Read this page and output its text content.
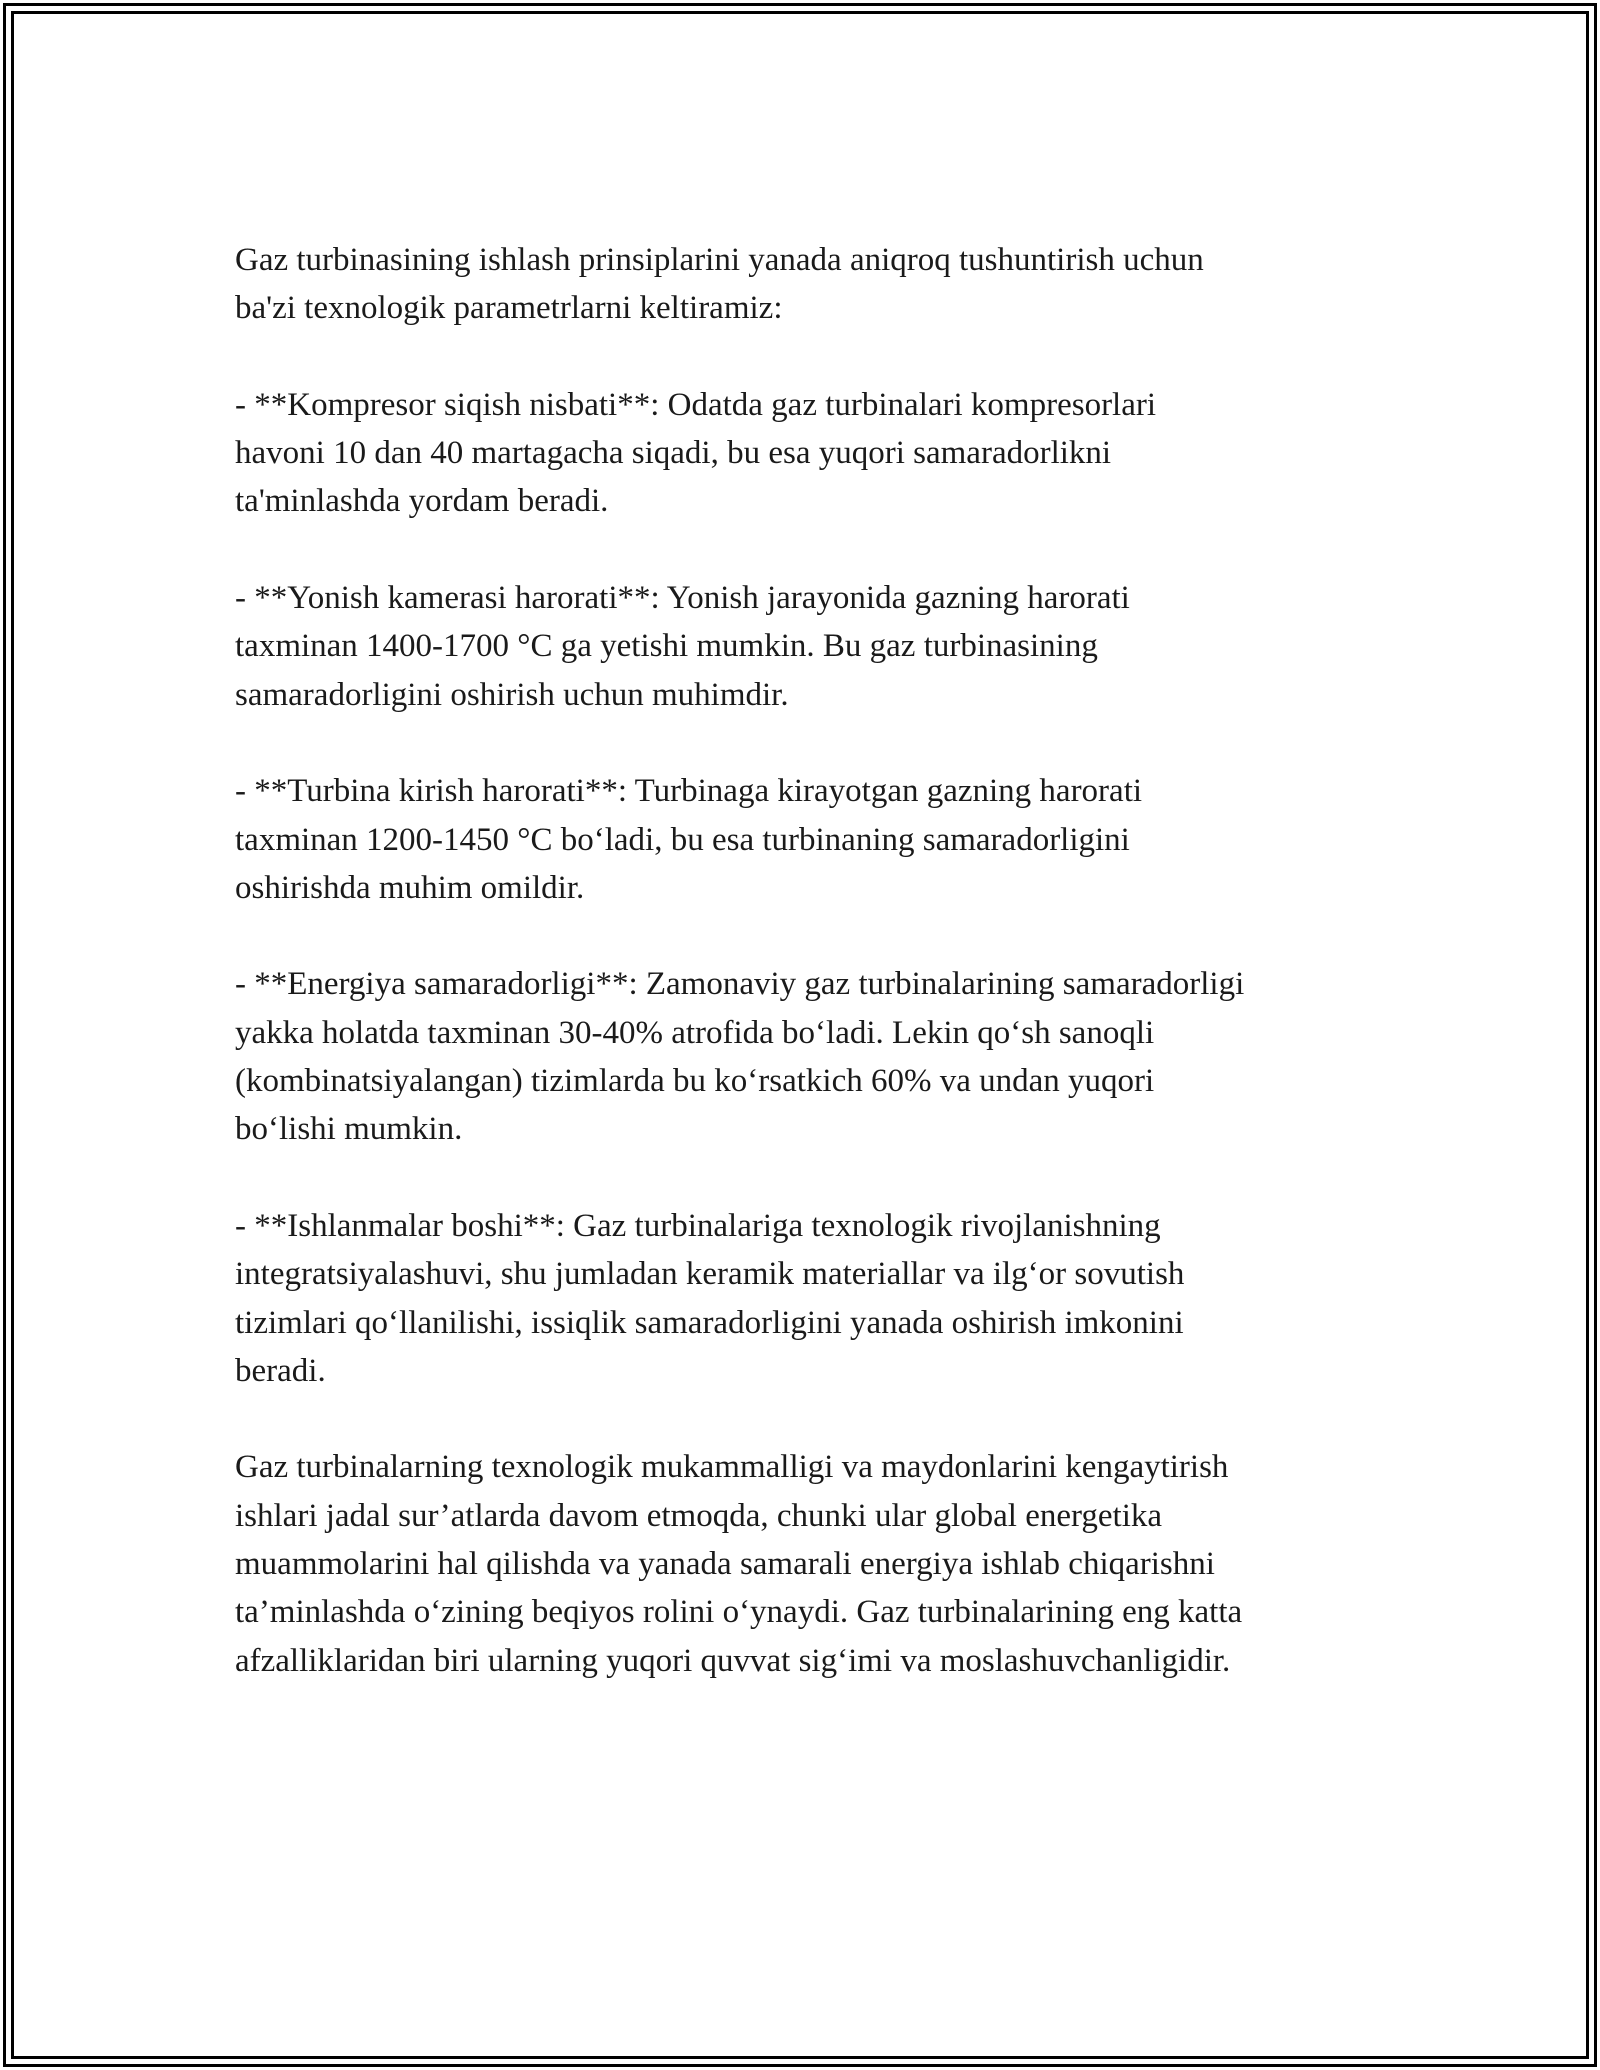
Gaz turbinasining ishlash prinsiplarini yanada aniqroq tushuntirish uchun
ba'zi texnologik parametrlarni keltiramiz:

- **Kompresor siqish nisbati**: Odatda gaz turbinalari kompresorlari
havoni 10 dan 40 martagacha siqadi, bu esa yuqori samaradorlikni
ta'minlashda yordam beradi.

- **Yonish kamerasi harorati**: Yonish jarayonida gazning harorati
taxminan 1400-1700 °C ga yetishi mumkin. Bu gaz turbinasining
samaradorligini oshirish uchun muhimdir.

- **Turbina kirish harorati**: Turbinaga kirayotgan gazning harorati
taxminan 1200-1450 °C bo‘ladi, bu esa turbinaning samaradorligini
oshirishda muhim omildir.

- **Energiya samaradorligi**: Zamonaviy gaz turbinalarining samaradorligi
yakka holatda taxminan 30-40% atrofida bo‘ladi. Lekin qo‘sh sanoqli
(kombinatsiyalangan) tizimlarda bu ko‘rsatkich 60% va undan yuqori
bo‘lishi mumkin.

- **Ishlanmalar boshi**: Gaz turbinalariga texnologik rivojlanishning
integratsiyalashuvi, shu jumladan keramik materiallar va ilg‘or sovutish
tizimlari qo‘llanilishi, issiqlik samaradorligini yanada oshirish imkonini
beradi.

Gaz turbinalarning texnologik mukammalligi va maydonlarini kengaytirish
ishlari jadal sur’atlarda davom etmoqda, chunki ular global energetika
muammolarini hal qilishda va yanada samarali energiya ishlab chiqarishni
ta’minlashda o‘zining beqiyos rolini o‘ynaydi. Gaz turbinalarining eng katta
afzalliklaridan biri ularning yuqori quvvat sig‘imi va moslashuvchanligidir.
